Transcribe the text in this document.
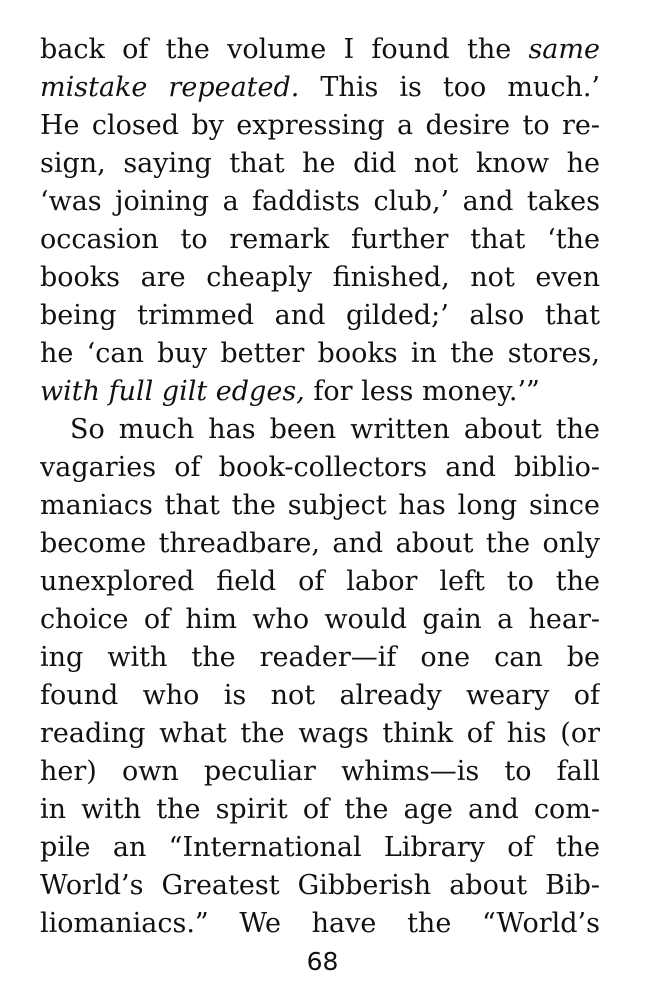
back of the volume I found the same
mistake repeated. This is too much.’
He closed by expressing a desire to re-
sign, saying that he did not know he
‘was joining a faddists club,’ and takes
occasion to remark further that ‘the
books are cheaply finished, not even
being trimmed and gilded;’ also that
he ‘can buy better books in the stores,
with full gilt edges, for less money.’”
So much has been written about the
vagaries of book-collectors and biblio-
maniacs that the subject has long since
become threadbare, and about the only
unexplored field of labor left to the
choice of him who would gain a hear-
ing with the reader—if one can be
found who is not already weary of
reading what the wags think of his (or
her) own peculiar whims—is to fall
in with the spirit of the age and com-
pile an “International Library of the
World’s Greatest Gibberish about Bib-
liomaniacs.” We have the “World’s
68
